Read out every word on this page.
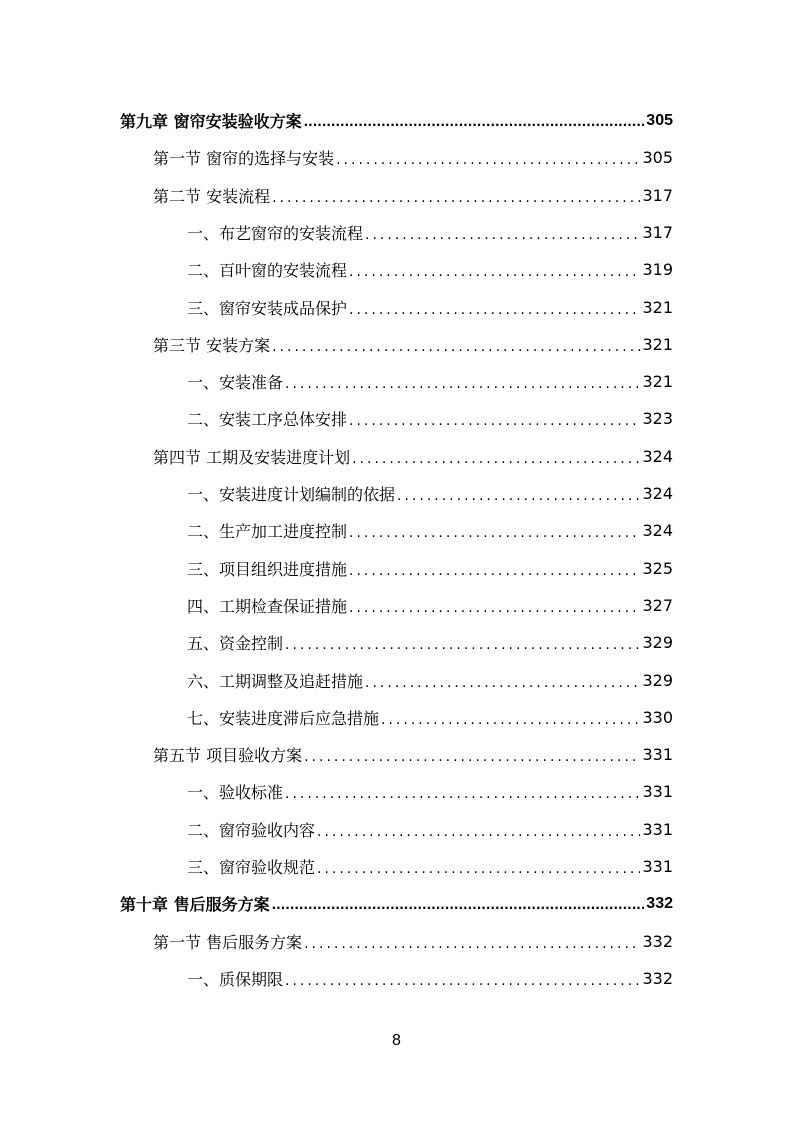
第九章 窗帘安装验收方案 .....	305
第一节 窗帘的选择与安装 .....	305
第二节 安装流程 .....	317
一、布艺窗帘的安装流程 .....	317
二、百叶窗的安装流程 .....	319
三、窗帘安装成品保护 .....	321
第三节 安装方案 .....	321
一、安装准备 .....	321
二、安装工序总体安排 .....	323
第四节 工期及安装进度计划 .....	324
一、安装进度计划编制的依据 .....	324
二、生产加工进度控制 .....	324
三、项目组织进度措施 .....	325
四、工期检查保证措施 .....	327
五、资金控制 .....	329
六、工期调整及追赶措施 .....	329
七、安装进度滞后应急措施 .....	330
第五节 项目验收方案 .....	331
一、验收标准 .....	331
二、窗帘验收内容 .....	331
三、窗帘验收规范 .....	331
第十章 售后服务方案 .....	332
第一节 售后服务方案 .....	332
一、质保期限 .....	332
8
